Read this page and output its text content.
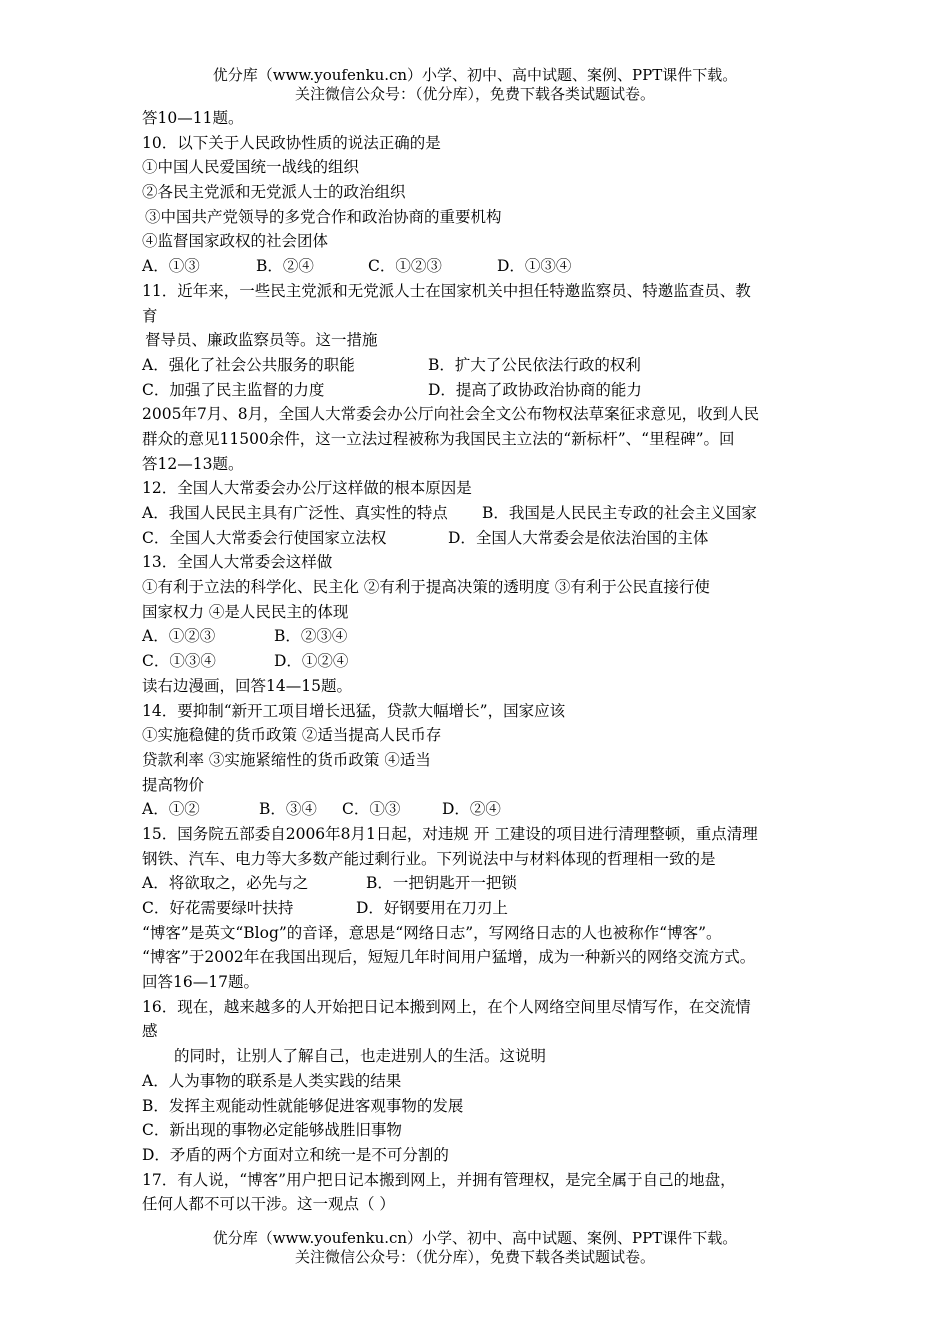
优分库（www.youfenku.cn）小学、初中、高中试题、案例、PPT课件下载。
关注微信公众号：（优分库），免费下载各类试题试卷。
答10—11题。
10．以下关于人民政协性质的说法正确的是
①中国人民爱国统一战线的组织
②各民主党派和无党派人士的政治组织
③中国共产党领导的多党合作和政治协商的重要机构
④监督国家政权的社会团体
A．①③	B．②④	C．①②③	D．①③④
11．近年来，一些民主党派和无党派人士在国家机关中担任特邀监察员、特邀监查员、教
育
督导员、廉政监察员等。这一措施
A．强化了社会公共服务的职能	B．扩大了公民依法行政的权利
C．加强了民主监督的力度	D．提高了政协政治协商的能力
2005年7月、8月，全国人大常委会办公厅向社会全文公布物权法草案征求意见，收到人民
群众的意见11500余件，这一立法过程被称为我国民主立法的“新标杆”、“里程碑”。回
答12—13题。
12．全国人大常委会办公厅这样做的根本原因是
A．我国人民民主具有广泛性、真实性的特点 B．我国是人民民主专政的社会主义国家
C．全国人大常委会行使国家立法权	D．全国人大常委会是依法治国的主体
13．全国人大常委会这样做
①有利于立法的科学化、民主化 ②有利于提高决策的透明度 ③有利于公民直接行使
国家权力 ④是人民民主的体现
A．①②③	B．②③④
C．①③④	D．①②④
读右边漫画，回答14—15题。
14．要抑制“新开工项目增长迅猛，贷款大幅增长”，国家应该
①实施稳健的货币政策 ②适当提高人民币存
贷款利率 ③实施紧缩性的货币政策 ④适当
提高物价
A．①②	B．③④ C．①③	D．②④
15．国务院五部委自2006年8月1日起，对违规 开 工建设的项目进行清理整顿，重点清理
钢铁、汽车、电力等大多数产能过剩行业。下列说法中与材料体现的哲理相一致的是
A．将欲取之，必先与之	B．一把钥匙开一把锁
C．好花需要绿叶扶持	D．好钢要用在刀刃上
“博客”是英文“Blog”的音译，意思是“网络日志”，写网络日志的人也被称作“博客”。
“博客”于2002年在我国出现后，短短几年时间用户猛增，成为一种新兴的网络交流方式。
回答16—17题。
16．现在，越来越多的人开始把日记本搬到网上，在个人网络空间里尽情写作，在交流情
感
的同时，让别人了解自己，也走进别人的生活。这说明
A．人为事物的联系是人类实践的结果
B．发挥主观能动性就能够促进客观事物的发展
C．新出现的事物必定能够战胜旧事物
D．矛盾的两个方面对立和统一是不可分割的
17．有人说，“博客”用户把日记本搬到网上，并拥有管理权，是完全属于自己的地盘，
任何人都不可以干涉。这一观点（ ）
优分库（www.youfenku.cn）小学、初中、高中试题、案例、PPT课件下载。
关注微信公众号：（优分库），免费下载各类试题试卷。
